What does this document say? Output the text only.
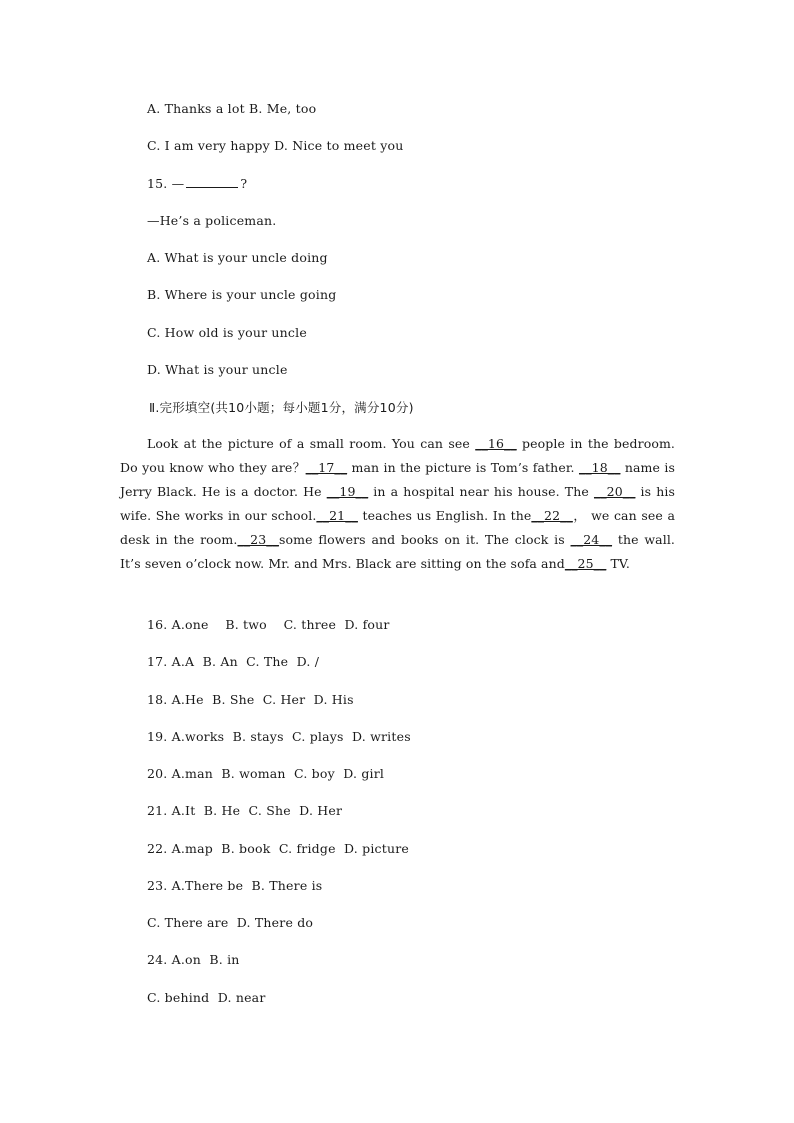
A. Thanks a lot B. Me, too
C. I am very happy D. Nice to meet you
15. —	?
—He’s a policeman.
A. What is your uncle doing
B. Where is your uncle going
C. How old is your uncle
D. What is your uncle
Ⅱ.完形填空(共10小题；每小题1分，满分10分)
Look at the picture of a small room. You can see __16__ people in the bedroom. Do you know who they are？__17__ man in the picture is Tom’s father. __18__ name is Jerry Black. He is a doctor. He __19__ in a hospital near his house. The __20__ is his wife. She works in our school.__21__ teaches us English. In the__22__， we can see a desk in the room.__23__some flowers and books on it. The clock is __24__ the wall. It’s seven o’clock now. Mr. and Mrs. Black are sitting on the sofa and__25__ TV.
16. A.one    B. two    C. three  D. four
17. A.A  B. An  C. The  D. /
18. A.He  B. She  C. Her  D. His
19. A.works  B. stays  C. plays  D. writes
20. A.man  B. woman  C. boy  D. girl
21. A.It  B. He  C. She  D. Her
22. A.map  B. book  C. fridge  D. picture
23. A.There be  B. There is
C. There are  D. There do
24. A.on  B. in
C. behind  D. near
